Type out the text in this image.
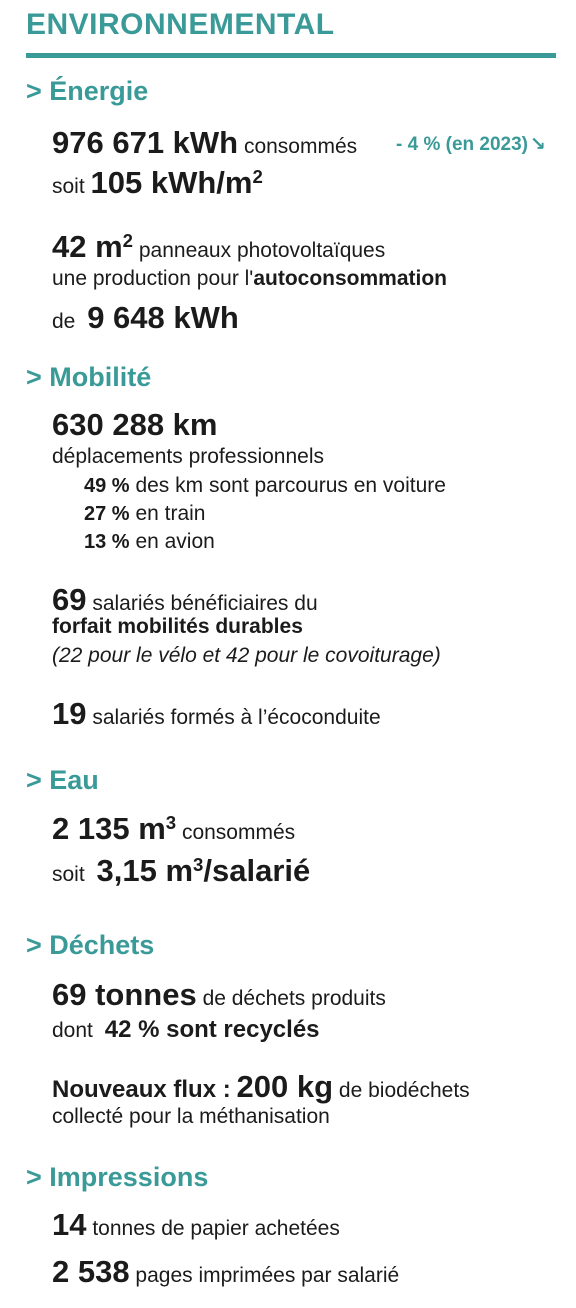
ENVIRONNEMENTAL
> Énergie
976 671 kWh consommés - 4 % (en 2023) ↘
soit 105 kWh/$m^2$
42 $m^2$ panneaux photovoltaïques
une production pour l'autoconsommation
de 9 648 kWh
> Mobilité
630 288 km
déplacements professionnels
49 % des km sont parcourus en voiture
27 % en train
13 % en avion
69 salariés bénéficiaires du
forfait mobilités durables
(22 pour le vélo et 42 pour le covoiturage)
19 salariés formés à l’écoconduite
> Eau
2 135 $m^3$ consommés
soit 3,15 $m^3$/salarié
> Déchets
69 tonnes de déchets produits
dont 42 % sont recyclés
Nouveaux flux : 200 kg de biodéchets
collecté pour la méthanisation
> Impressions
14 tonnes de papier achetées
2 538 pages imprimées par salarié
